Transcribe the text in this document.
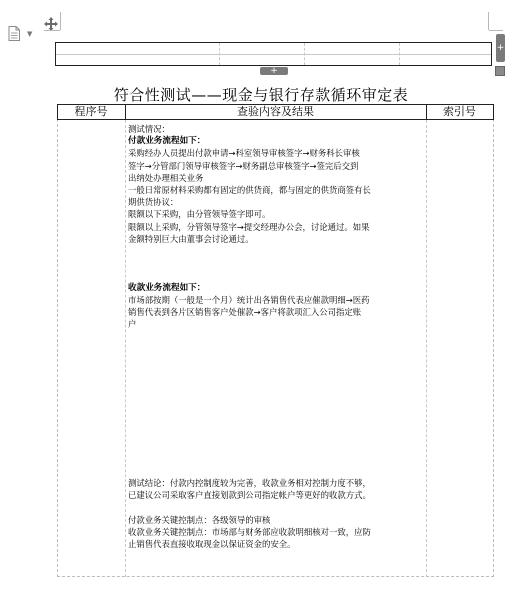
▼
+
+
符合性测试——现金与银行存款循环审定表
程序号	查验内容及结果	索引号

测试情况：

付款业务流程如下：

采购经办人员提出付款申请→科室领导审核签字→财务科长审核

签字→分管部门领导审核签字→财务副总审核签字→签完后交到

出纳处办理相关业务

一般日常原材料采购都有固定的供货商，都与固定的供货商签有长

期供货协议：

限额以下采购，由分管领导签字即可。

限额以上采购，分管领导签字→提交经理办公会，讨论通过。如果

金额特别巨大由董事会讨论通过。

收款业务流程如下：

市场部按期（一般是一个月）统计出各销售代表应催款明细→医药

销售代表到各片区销售客户处催款→客户将款项汇入公司指定账

户

测试结论：付款内控制度较为完善，收款业务相对控制力度不够，

已建议公司采取客户直接划款到公司指定帐户等更好的收款方式。

付款业务关键控制点：各级领导的审核

收款业务关键控制点：市场部与财务部应收款明细核对一致，应防

止销售代表直接收取现金以保证资金的安全。
